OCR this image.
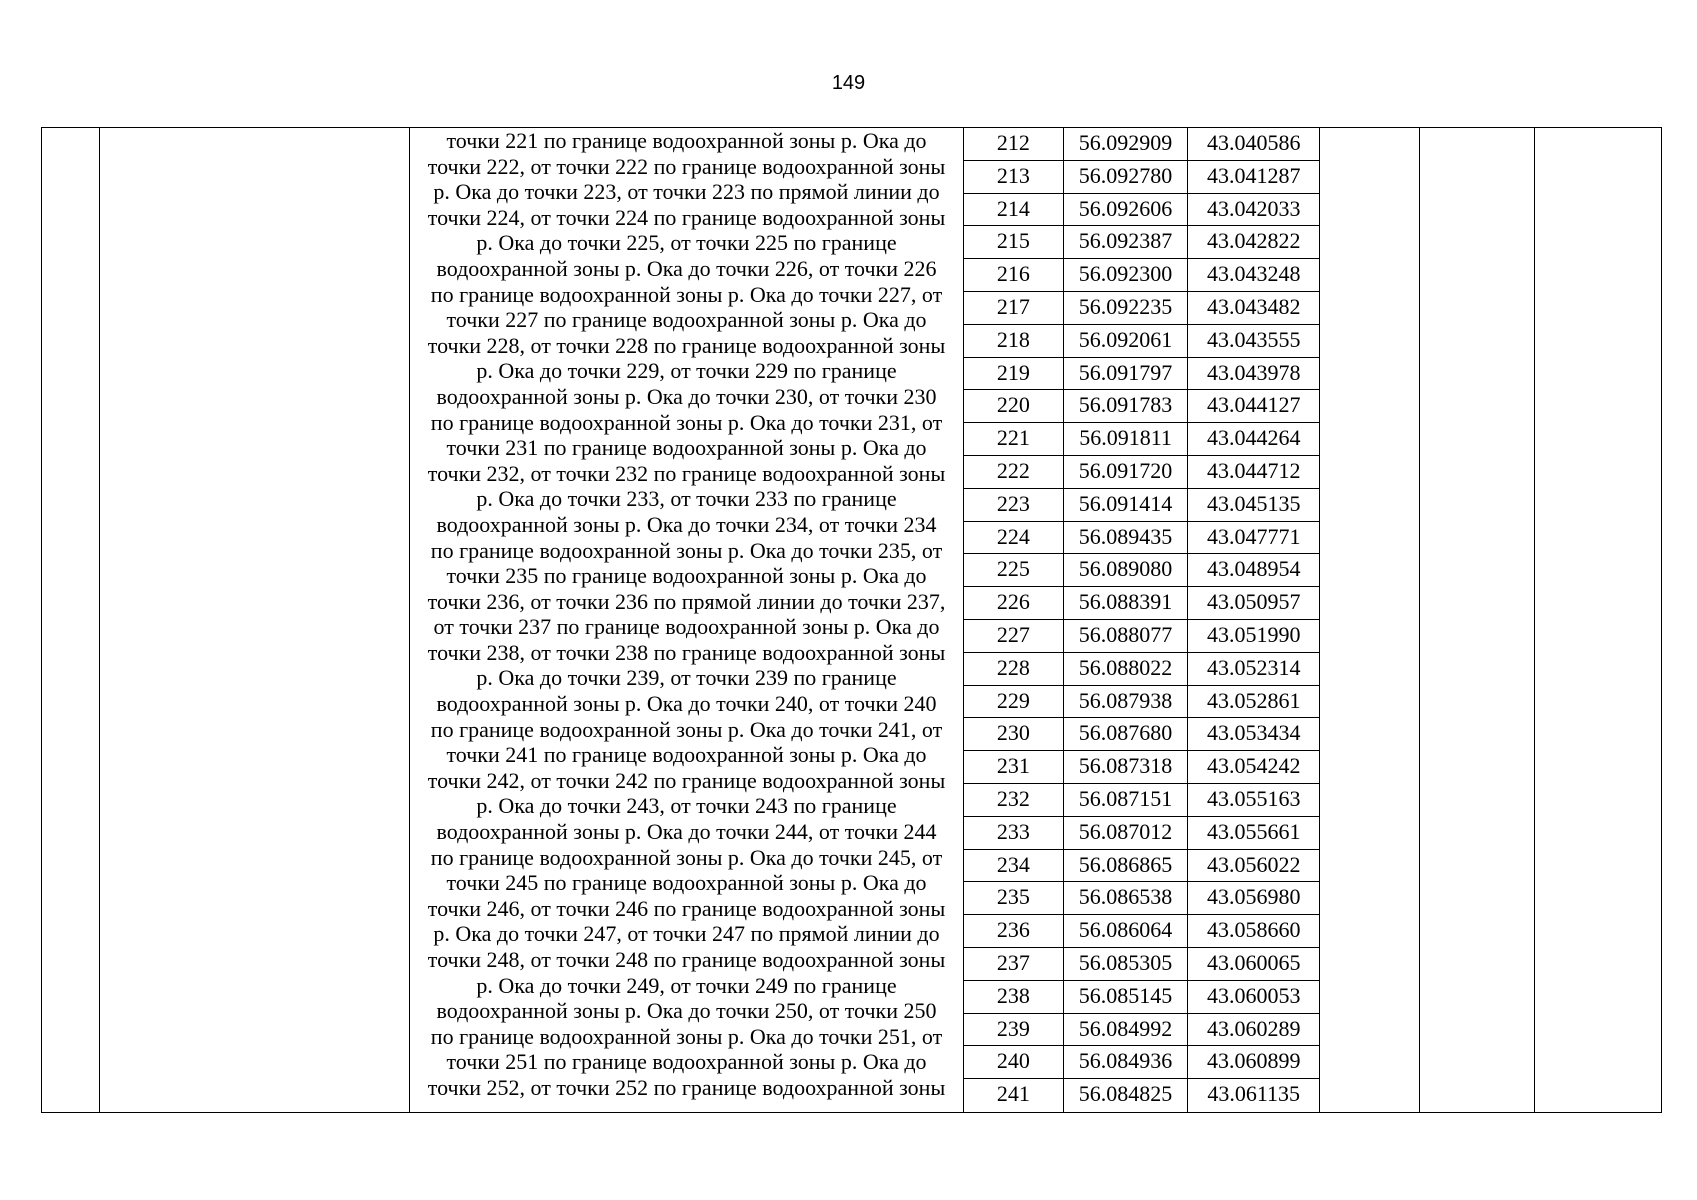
149
точки 221 по границе водоохранной зоны р. Ока до
точки 222, от точки 222 по границе водоохранной зоны
р. Ока до точки 223, от точки 223 по прямой линии до
точки 224, от точки 224 по границе водоохранной зоны
р. Ока до точки 225, от точки 225 по границе
водоохранной зоны р. Ока до точки 226, от точки 226
по границе водоохранной зоны р. Ока до точки 227, от
точки 227 по границе водоохранной зоны р. Ока до
точки 228, от точки 228 по границе водоохранной зоны
р. Ока до точки 229, от точки 229 по границе
водоохранной зоны р. Ока до точки 230, от точки 230
по границе водоохранной зоны р. Ока до точки 231, от
точки 231 по границе водоохранной зоны р. Ока до
точки 232, от точки 232 по границе водоохранной зоны
р. Ока до точки 233, от точки 233 по границе
водоохранной зоны р. Ока до точки 234, от точки 234
по границе водоохранной зоны р. Ока до точки 235, от
точки 235 по границе водоохранной зоны р. Ока до
точки 236, от точки 236 по прямой линии до точки 237,
от точки 237 по границе водоохранной зоны р. Ока до
точки 238, от точки 238 по границе водоохранной зоны
р. Ока до точки 239, от точки 239 по границе
водоохранной зоны р. Ока до точки 240, от точки 240
по границе водоохранной зоны р. Ока до точки 241, от
точки 241 по границе водоохранной зоны р. Ока до
точки 242, от точки 242 по границе водоохранной зоны
р. Ока до точки 243, от точки 243 по границе
водоохранной зоны р. Ока до точки 244, от точки 244
по границе водоохранной зоны р. Ока до точки 245, от
точки 245 по границе водоохранной зоны р. Ока до
точки 246, от точки 246 по границе водоохранной зоны
р. Ока до точки 247, от точки 247 по прямой линии до
точки 248, от точки 248 по границе водоохранной зоны
р. Ока до точки 249, от точки 249 по границе
водоохранной зоны р. Ока до точки 250, от точки 250
по границе водоохранной зоны р. Ока до точки 251, от
точки 251 по границе водоохранной зоны р. Ока до
точки 252, от точки 252 по границе водоохранной зоны
212	56.092909	43.040586
213	56.092780	43.041287
214	56.092606	43.042033
215	56.092387	43.042822
216	56.092300	43.043248
217	56.092235	43.043482
218	56.092061	43.043555
219	56.091797	43.043978
220	56.091783	43.044127
221	56.091811	43.044264
222	56.091720	43.044712
223	56.091414	43.045135
224	56.089435	43.047771
225	56.089080	43.048954
226	56.088391	43.050957
227	56.088077	43.051990
228	56.088022	43.052314
229	56.087938	43.052861
230	56.087680	43.053434
231	56.087318	43.054242
232	56.087151	43.055163
233	56.087012	43.055661
234	56.086865	43.056022
235	56.086538	43.056980
236	56.086064	43.058660
237	56.085305	43.060065
238	56.085145	43.060053
239	56.084992	43.060289
240	56.084936	43.060899
241	56.084825	43.061135
